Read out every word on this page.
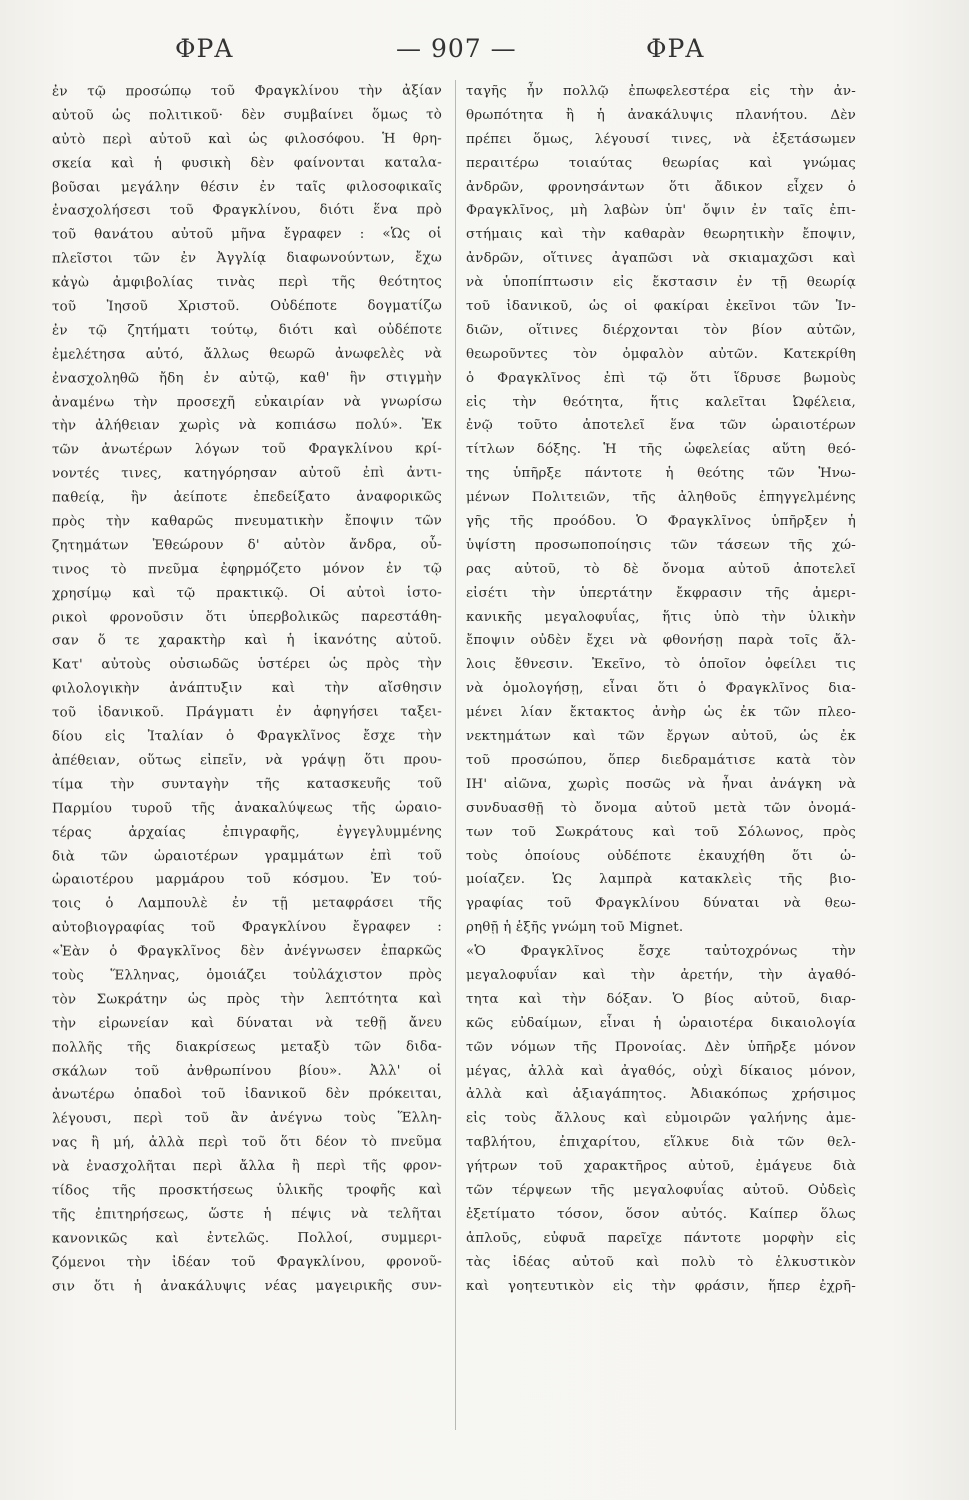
ΦΡΑ	— 907 —	ΦΡΑ
ἐν τῷ προσώπῳ τοῦ Φραγκλίνου τὴν ἀξίαν
αὐτοῦ ὡς πολιτικοῦ· δὲν συμβαίνει ὅμως τὸ
αὐτὸ περὶ αὐτοῦ καὶ ὡς φιλοσόφου. Ἡ θρη-
σκεία καὶ ἡ φυσικὴ δὲν φαίνονται καταλα-
βοῦσαι μεγάλην θέσιν ἐν ταῖς φιλοσοφικαῖς
ἐνασχολήσεσι τοῦ Φραγκλίνου, διότι ἕνα πρὸ
τοῦ θανάτου αὐτοῦ μῆνα ἔγραφεν : «Ὡς οἱ
πλεῖστοι τῶν ἐν Ἀγγλίᾳ διαφωνούντων, ἔχω
κἀγὼ ἀμφιβολίας τινὰς περὶ τῆς θεότητος
τοῦ Ἰησοῦ Χριστοῦ. Οὐδέποτε δογματίζω
ἐν τῷ ζητήματι τούτῳ, διότι καὶ οὐδέποτε
ἐμελέτησα αὐτό, ἄλλως θεωρῶ ἀνωφελὲς νὰ
ἐνασχοληθῶ ἤδη ἐν αὐτῷ, καθ' ἣν στιγμὴν
ἀναμένω τὴν προσεχῆ εὐκαιρίαν νὰ γνωρίσω
τὴν ἀλήθειαν χωρὶς νὰ κοπιάσω πολύ». Ἐκ
τῶν ἀνωτέρων λόγων τοῦ Φραγκλίνου κρί-
νοντές τινες, κατηγόρησαν αὐτοῦ ἐπὶ ἀντι-
παθείᾳ, ἣν ἀείποτε ἐπεδείξατο ἀναφορικῶς
πρὸς τὴν καθαρῶς πνευματικὴν ἔποψιν τῶν
ζητημάτων Ἐθεώρουν δ' αὐτὸν ἄνδρα, οὗ-
τινος τὸ πνεῦμα ἐφηρμόζετο μόνον ἐν τῷ
χρησίμῳ καὶ τῷ πρακτικῷ. Οἱ αὐτοὶ ἱστο-
ρικοὶ φρονοῦσιν ὅτι ὑπερβολικῶς παρεστάθη-
σαν ὅ τε χαρακτὴρ καὶ ἡ ἱκανότης αὐτοῦ.
Κατ' αὐτοὺς οὐσιωδῶς ὑστέρει ὡς πρὸς τὴν
φιλολογικὴν ἀνάπτυξιν καὶ τὴν αἴσθησιν
τοῦ ἰδανικοῦ. Πράγματι ἐν ἀφηγήσει ταξει-
δίου εἰς Ἰταλίαν ὁ Φραγκλῖνος ἔσχε τὴν
ἀπέθειαν, οὕτως εἰπεῖν, νὰ γράψῃ ὅτι πρου-
τίμα τὴν συνταγὴν τῆς κατασκευῆς τοῦ
Παρμίου τυροῦ τῆς ἀνακαλύψεως τῆς ὡραιο-
τέρας ἀρχαίας ἐπιγραφῆς, ἐγγεγλυμμένης
διὰ τῶν ὡραιοτέρων γραμμάτων ἐπὶ τοῦ
ὡραιοτέρου μαρμάρου τοῦ κόσμου. Ἐν τού-
τοις ὁ Λαμπουλὲ ἐν τῇ μεταφράσει τῆς
αὐτοβιογραφίας τοῦ Φραγκλίνου ἔγραφεν :
«Ἐὰν ὁ Φραγκλῖνος δὲν ἀνέγνωσεν ἐπαρκῶς
τοὺς Ἕλληνας, ὁμοιάζει τοὐλάχιστον πρὸς
τὸν Σωκράτην ὡς πρὸς τὴν λεπτότητα καὶ
τὴν εἰρωνείαν καὶ δύναται νὰ τεθῇ ἄνευ
πολλῆς τῆς διακρίσεως μεταξὺ τῶν διδα-
σκάλων τοῦ ἀνθρωπίνου βίου». Ἀλλ' οἱ
ἀνωτέρω ὀπαδοὶ τοῦ ἰδανικοῦ δὲν πρόκειται,
λέγουσι, περὶ τοῦ ἂν ἀνέγνω τοὺς Ἕλλη-
νας ἢ μή, ἀλλὰ περὶ τοῦ ὅτι δέον τὸ πνεῦμα
νὰ ἐνασχολῆται περὶ ἄλλα ἢ περὶ τῆς φρον-
τίδος τῆς προσκτήσεως ὑλικῆς τροφῆς καὶ
τῆς ἐπιτηρήσεως, ὥστε ἡ πέψις νὰ τελῆται
κανονικῶς καὶ ἐντελῶς. Πολλοί, συμμερι-
ζόμενοι τὴν ἰδέαν τοῦ Φραγκλίνου, φρονοῦ-
σιν ὅτι ἡ ἀνακάλυψις νέας μαγειρικῆς συν-
ταγῆς ἦν πολλῷ ἐπωφελεστέρα εἰς τὴν ἀν-
θρωπότητα ἢ ἡ ἀνακάλυψις πλανήτου. Δὲν
πρέπει ὅμως, λέγουσί τινες, νὰ ἐξετάσωμεν
περαιτέρω τοιαύτας θεωρίας καὶ γνώμας
ἀνδρῶν, φρονησάντων ὅτι ἄδικον εἶχεν ὁ
Φραγκλῖνος, μὴ λαβὼν ὑπ' ὄψιν ἐν ταῖς ἐπι-
στήμαις καὶ τὴν καθαρὰν θεωρητικὴν ἔποψιν,
ἀνδρῶν, οἵτινες ἀγαπῶσι νὰ σκιαμαχῶσι καὶ
νὰ ὑποπίπτωσιν εἰς ἔκστασιν ἐν τῇ θεωρίᾳ
τοῦ ἰδανικοῦ, ὡς οἱ φακίραι ἐκεῖνοι τῶν Ἰν-
διῶν, οἵτινες διέρχονται τὸν βίον αὐτῶν,
θεωροῦντες τὸν ὀμφαλὸν αὐτῶν. Κατεκρίθη
ὁ Φραγκλῖνος ἐπὶ τῷ ὅτι ἵδρυσε βωμοὺς
εἰς τὴν θεότητα, ἥτις καλεῖται Ὠφέλεια,
ἐνῷ τοῦτο ἀποτελεῖ ἕνα τῶν ὡραιοτέρων
τίτλων δόξης. Ἡ τῆς ὠφελείας αὕτη θεό-
της ὑπῆρξε πάντοτε ἡ θεότης τῶν Ἡνω-
μένων Πολιτειῶν, τῆς ἀληθοῦς ἐπηγγελμένης
γῆς τῆς προόδου. Ὁ Φραγκλῖνος ὑπῆρξεν ἡ
ὑψίστη προσωποποίησις τῶν τάσεων τῆς χώ-
ρας αὐτοῦ, τὸ δὲ ὄνομα αὐτοῦ ἀποτελεῖ
εἰσέτι τὴν ὑπερτάτην ἔκφρασιν τῆς ἀμερι-
κανικῆς μεγαλοφυΐας, ἥτις ὑπὸ τὴν ὑλικὴν
ἔποψιν οὐδὲν ἔχει νὰ φθονήσῃ παρὰ τοῖς ἄλ-
λοις ἔθνεσιν. Ἐκεῖνο, τὸ ὁποῖον ὀφείλει τις
νὰ ὁμολογήσῃ, εἶναι ὅτι ὁ Φραγκλῖνος δια-
μένει λίαν ἔκτακτος ἀνὴρ ὡς ἐκ τῶν πλεο-
νεκτημάτων καὶ τῶν ἔργων αὐτοῦ, ὡς ἐκ
τοῦ προσώπου, ὅπερ διεδραμάτισε κατὰ τὸν
ΙΗ' αἰῶνα, χωρὶς ποσῶς νὰ ἦναι ἀνάγκη νὰ
συνδυασθῇ τὸ ὄνομα αὐτοῦ μετὰ τῶν ὀνομά-
των τοῦ Σωκράτους καὶ τοῦ Σόλωνος, πρὸς
τοὺς ὁποίους οὐδέποτε ἐκαυχήθη ὅτι ὡ-
μοίαζεν. Ὡς λαμπρὰ κατακλεὶς τῆς βιο-
γραφίας τοῦ Φραγκλίνου δύναται νὰ θεω-
ρηθῇ ἡ ἑξῆς γνώμη τοῦ Mignet.
«Ὁ Φραγκλῖνος ἔσχε ταὐτοχρόνως τὴν
μεγαλοφυΐαν καὶ τὴν ἀρετήν, τὴν ἀγαθό-
τητα καὶ τὴν δόξαν. Ὁ βίος αὐτοῦ, διαρ-
κῶς εὐδαίμων, εἶναι ἡ ὡραιοτέρα δικαιολογία
τῶν νόμων τῆς Προνοίας. Δὲν ὑπῆρξε μόνον
μέγας, ἀλλὰ καὶ ἀγαθός, οὐχὶ δίκαιος μόνον,
ἀλλὰ καὶ ἀξιαγάπητος. Ἀδιακόπως χρήσιμος
εἰς τοὺς ἄλλους καὶ εὐμοιρῶν γαλήνης ἀμε-
ταβλήτου, ἐπιχαρίτου, εἵλκυε διὰ τῶν θελ-
γήτρων τοῦ χαρακτῆρος αὐτοῦ, ἐμάγευε διὰ
τῶν τέρψεων τῆς μεγαλοφυΐας αὐτοῦ. Οὐδεὶς
ἐξετίματο τόσον, ὅσον αὐτός. Καίπερ ὅλως
ἁπλοῦς, εὐφυᾶ παρεῖχε πάντοτε μορφὴν εἰς
τὰς ἰδέας αὐτοῦ καὶ πολὺ τὸ ἑλκυστικὸν
καὶ γοητευτικὸν εἰς τὴν φράσιν, ἥπερ ἐχρῆ-
